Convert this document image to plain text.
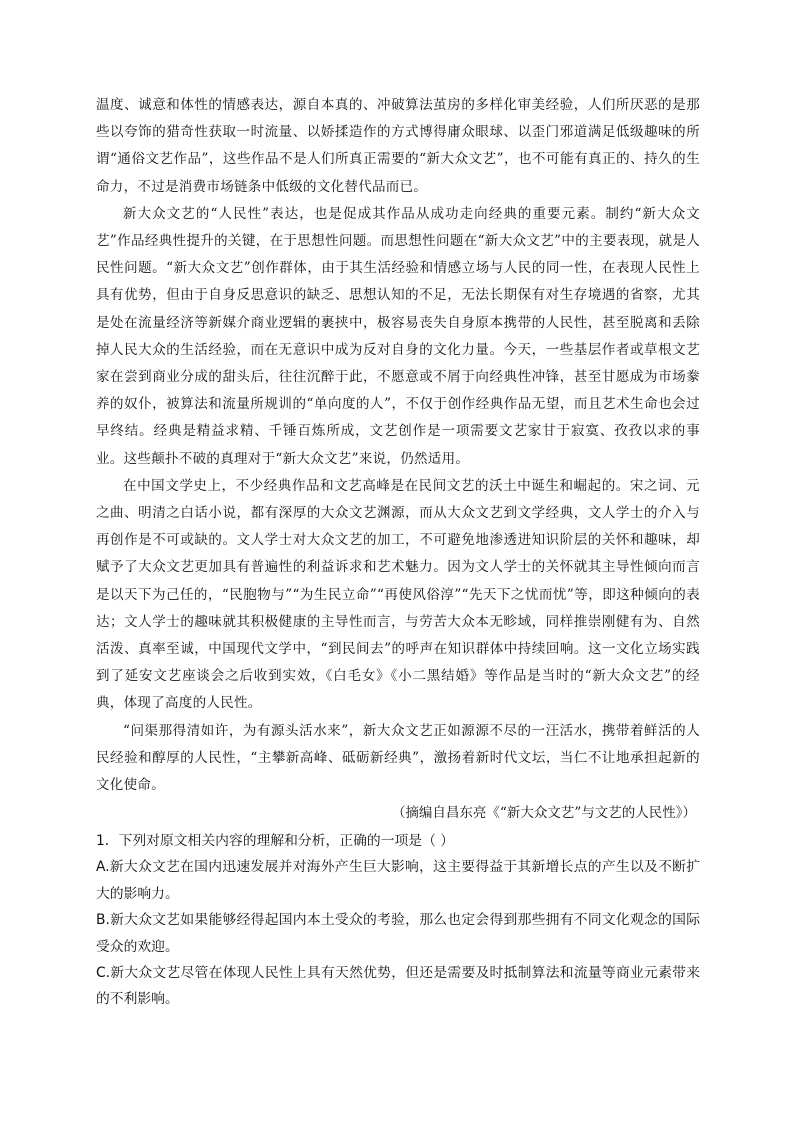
温度、诚意和体性的情感表达，源自本真的、冲破算法茧房的多样化审美经验，人们所厌恶的是那些以夸饰的猎奇性获取一时流量、以娇揉造作的方式博得庸众眼球、以歪门邪道满足低级趣味的所谓“通俗文艺作品”，这些作品不是人们所真正需要的“新大众文艺”，也不可能有真正的、持久的生命力，不过是消费市场链条中低级的文化替代品而已。

新大众文艺的“人民性”表达，也是促成其作品从成功走向经典的重要元素。制约“新大众文艺”作品经典性提升的关键，在于思想性问题。而思想性问题在“新大众文艺”中的主要表现，就是人民性问题。“新大众文艺”创作群体，由于其生活经验和情感立场与人民的同一性，在表现人民性上具有优势，但由于自身反思意识的缺乏、思想认知的不足，无法长期保有对生存境遇的省察，尤其是处在流量经济等新媒介商业逻辑的裹挟中，极容易丧失自身原本携带的人民性，甚至脱离和丢除掉人民大众的生活经验，而在无意识中成为反对自身的文化力量。今天，一些基层作者或草根文艺家在尝到商业分成的甜头后，往往沉醉于此，不愿意或不屑于向经典性冲锋，甚至甘愿成为市场豢养的奴仆，被算法和流量所规训的“单向度的人”，不仅于创作经典作品无望，而且艺术生命也会过早终结。经典是精益求精、千锤百炼所成，文艺创作是一项需要文艺家甘于寂寞、孜孜以求的事业。这些颠扑不破的真理对于“新大众文艺”来说，仍然适用。

在中国文学史上，不少经典作品和文艺高峰是在民间文艺的沃土中诞生和崛起的。宋之词、元之曲、明清之白话小说，都有深厚的大众文艺渊源，而从大众文艺到文学经典，文人学士的介入与再创作是不可或缺的。文人学士对大众文艺的加工，不可避免地渗透进知识阶层的关怀和趣味，却赋予了大众文艺更加具有普遍性的利益诉求和艺术魅力。因为文人学士的关怀就其主导性倾向而言是以天下为己任的，“民胞物与”“为生民立命”“再使风俗淳”“先天下之忧而忧”等，即这种倾向的表达；文人学士的趣味就其积极健康的主导性而言，与劳苦大众本无畛域，同样推崇刚健有为、自然活泼、真率至诚，中国现代文学中，“到民间去”的呼声在知识群体中持续回响。这一文化立场实践到了延安文艺座谈会之后收到实效，《白毛女》《小二黑结婚》等作品是当时的“新大众文艺”的经典，体现了高度的人民性。

“问渠那得清如许，为有源头活水来”，新大众文艺正如源源不尽的一汪活水，携带着鲜活的人民经验和醇厚的人民性，“主攀新高峰、砥砺新经典”，激扬着新时代文坛，当仁不让地承担起新的文化使命。

（摘编自昌东亮《“新大众文艺”与文艺的人民性》）

1．下列对原文相关内容的理解和分析，正确的一项是（ ）

A.新大众文艺在国内迅速发展并对海外产生巨大影响，这主要得益于其新增长点的产生以及不断扩大的影响力。

B.新大众文艺如果能够经得起国内本土受众的考验，那么也定会得到那些拥有不同文化观念的国际受众的欢迎。

C.新大众文艺尽管在体现人民性上具有天然优势，但还是需要及时抵制算法和流量等商业元素带来的不利影响。
